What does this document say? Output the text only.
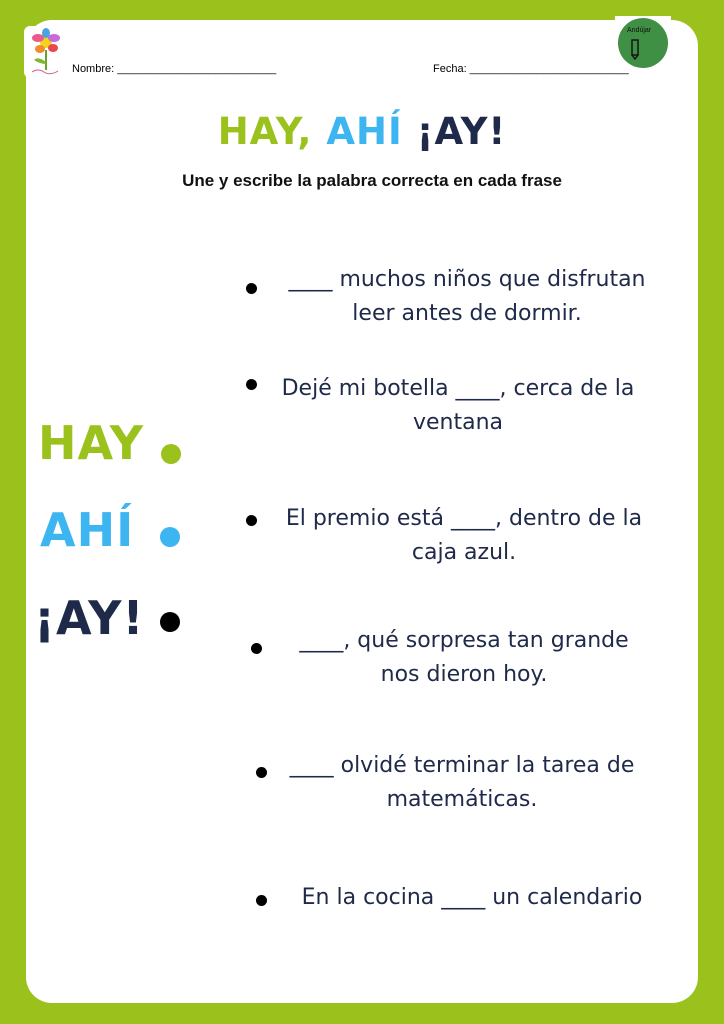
Andújar
Nombre: __________________________	Fecha: __________________________
HAY, AHÍ ¡AY!
Une y escribe la palabra correcta en cada frase
HAY
AHÍ
¡AY!
____ muchos niños que disfrutan
leer antes de dormir.
Dejé mi botella ____, cerca de la
ventana
El premio está ____, dentro de la
caja azul.
____, qué sorpresa tan grande
nos dieron hoy.
____ olvidé terminar la tarea de
matemáticas.
En la cocina ____ un calendario
